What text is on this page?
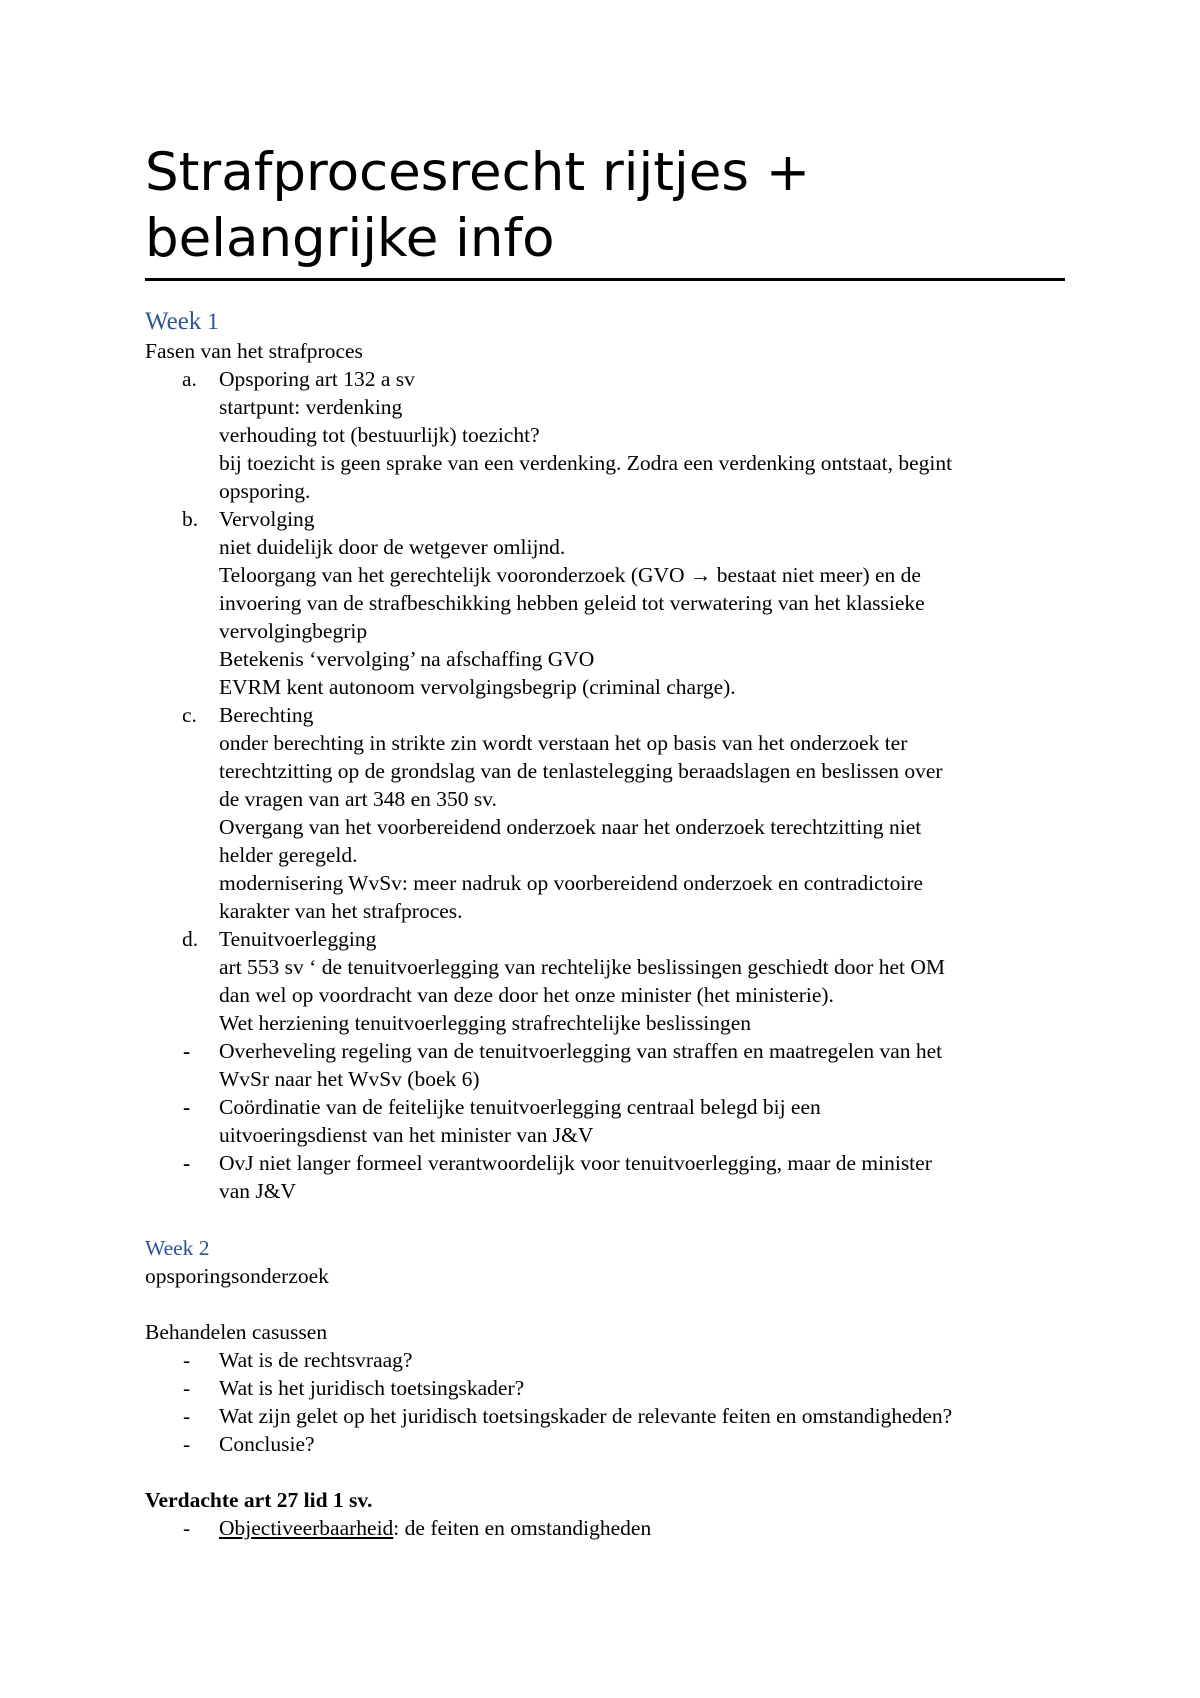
Strafprocesrecht rijtjes +
belangrijke info
Week 1
Fasen van het strafproces
a. Opsporing art 132 a sv
startpunt: verdenking
verhouding tot (bestuurlijk) toezicht?
bij toezicht is geen sprake van een verdenking. Zodra een verdenking ontstaat, begint
opsporing.
b. Vervolging
niet duidelijk door de wetgever omlijnd.
Teloorgang van het gerechtelijk vooronderzoek (GVO → bestaat niet meer) en de
invoering van de strafbeschikking hebben geleid tot verwatering van het klassieke
vervolgingbegrip
Betekenis ‘vervolging’ na afschaffing GVO
EVRM kent autonoom vervolgingsbegrip (criminal charge).
c. Berechting
onder berechting in strikte zin wordt verstaan het op basis van het onderzoek ter
terechtzitting op de grondslag van de tenlastelegging beraadslagen en beslissen over
de vragen van art 348 en 350 sv.
Overgang van het voorbereidend onderzoek naar het onderzoek terechtzitting niet
helder geregeld.
modernisering WvSv: meer nadruk op voorbereidend onderzoek en contradictoire
karakter van het strafproces.
d. Tenuitvoerlegging
art 553 sv ‘ de tenuitvoerlegging van rechtelijke beslissingen geschiedt door het OM
dan wel op voordracht van deze door het onze minister (het ministerie).
Wet herziening tenuitvoerlegging strafrechtelijke beslissingen
- Overheveling regeling van de tenuitvoerlegging van straffen en maatregelen van het
WvSr naar het WvSv (boek 6)
- Coördinatie van de feitelijke tenuitvoerlegging centraal belegd bij een
uitvoeringsdienst van het minister van J&V
- OvJ niet langer formeel verantwoordelijk voor tenuitvoerlegging, maar de minister
van J&V
Week 2
opsporingsonderzoek
Behandelen casussen
- Wat is de rechtsvraag?
- Wat is het juridisch toetsingskader?
- Wat zijn gelet op het juridisch toetsingskader de relevante feiten en omstandigheden?
- Conclusie?
Verdachte art 27 lid 1 sv.
- Objectiveerbaarheid: de feiten en omstandigheden
